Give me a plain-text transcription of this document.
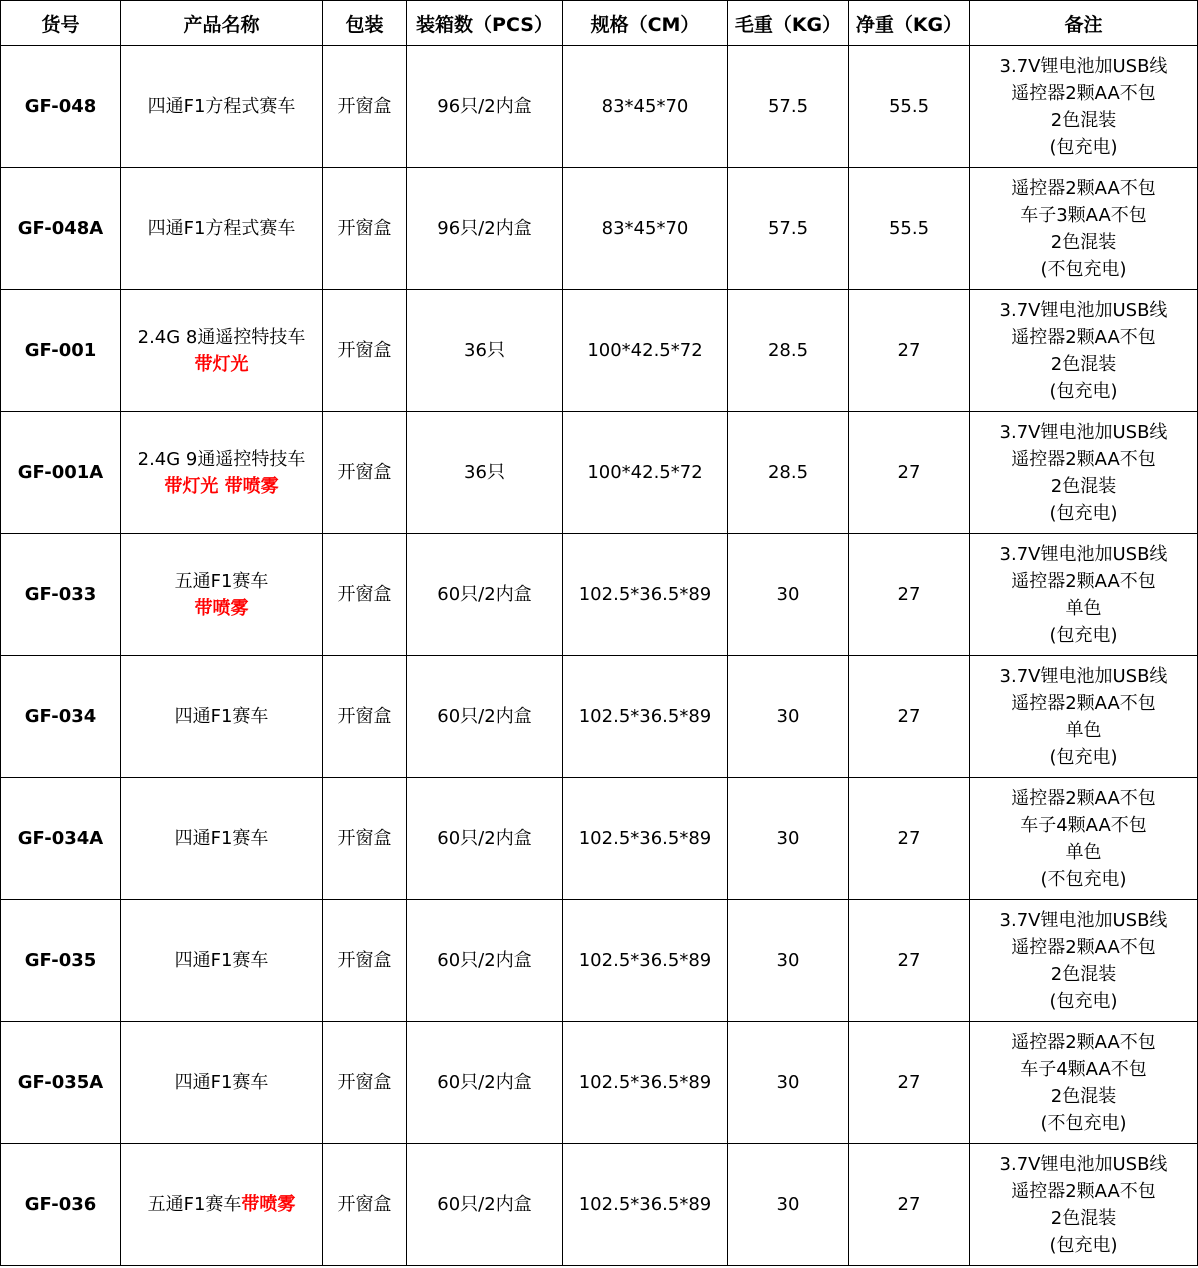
货号	产品名称	包装	装箱数（PCS）	规格（CM）	毛重（KG）	净重（KG）	备注
GF-048	四通F1方程式赛车	开窗盒	96只/2内盒	83*45*70	57.5	55.5	3.7V锂电池加USB线
遥控器2颗AA不包
2色混装
(包充电)

GF-048A	四通F1方程式赛车	开窗盒	96只/2内盒	83*45*70	57.5	55.5	遥控器2颗AA不包
车子3颗AA不包
2色混装
(不包充电)

GF-001	2.4G 8通遥控特技车
带灯光	开窗盒	36只	100*42.5*72	28.5	27	3.7V锂电池加USB线
遥控器2颗AA不包
2色混装
(包充电)

GF-001A	2.4G 9通遥控特技车
带灯光 带喷雾	开窗盒	36只	100*42.5*72	28.5	27	3.7V锂电池加USB线
遥控器2颗AA不包
2色混装
(包充电)

GF-033	五通F1赛车
带喷雾	开窗盒	60只/2内盒	102.5*36.5*89	30	27	3.7V锂电池加USB线
遥控器2颗AA不包
单色
(包充电)

GF-034	四通F1赛车	开窗盒	60只/2内盒	102.5*36.5*89	30	27	3.7V锂电池加USB线
遥控器2颗AA不包
单色
(包充电)

GF-034A	四通F1赛车	开窗盒	60只/2内盒	102.5*36.5*89	30	27	遥控器2颗AA不包
车子4颗AA不包
单色
(不包充电)

GF-035	四通F1赛车	开窗盒	60只/2内盒	102.5*36.5*89	30	27	3.7V锂电池加USB线
遥控器2颗AA不包
2色混装
(包充电)

GF-035A	四通F1赛车	开窗盒	60只/2内盒	102.5*36.5*89	30	27	遥控器2颗AA不包
车子4颗AA不包
2色混装
(不包充电)

GF-036	五通F1赛车带喷雾	开窗盒	60只/2内盒	102.5*36.5*89	30	27	3.7V锂电池加USB线
遥控器2颗AA不包
2色混装
(包充电)
